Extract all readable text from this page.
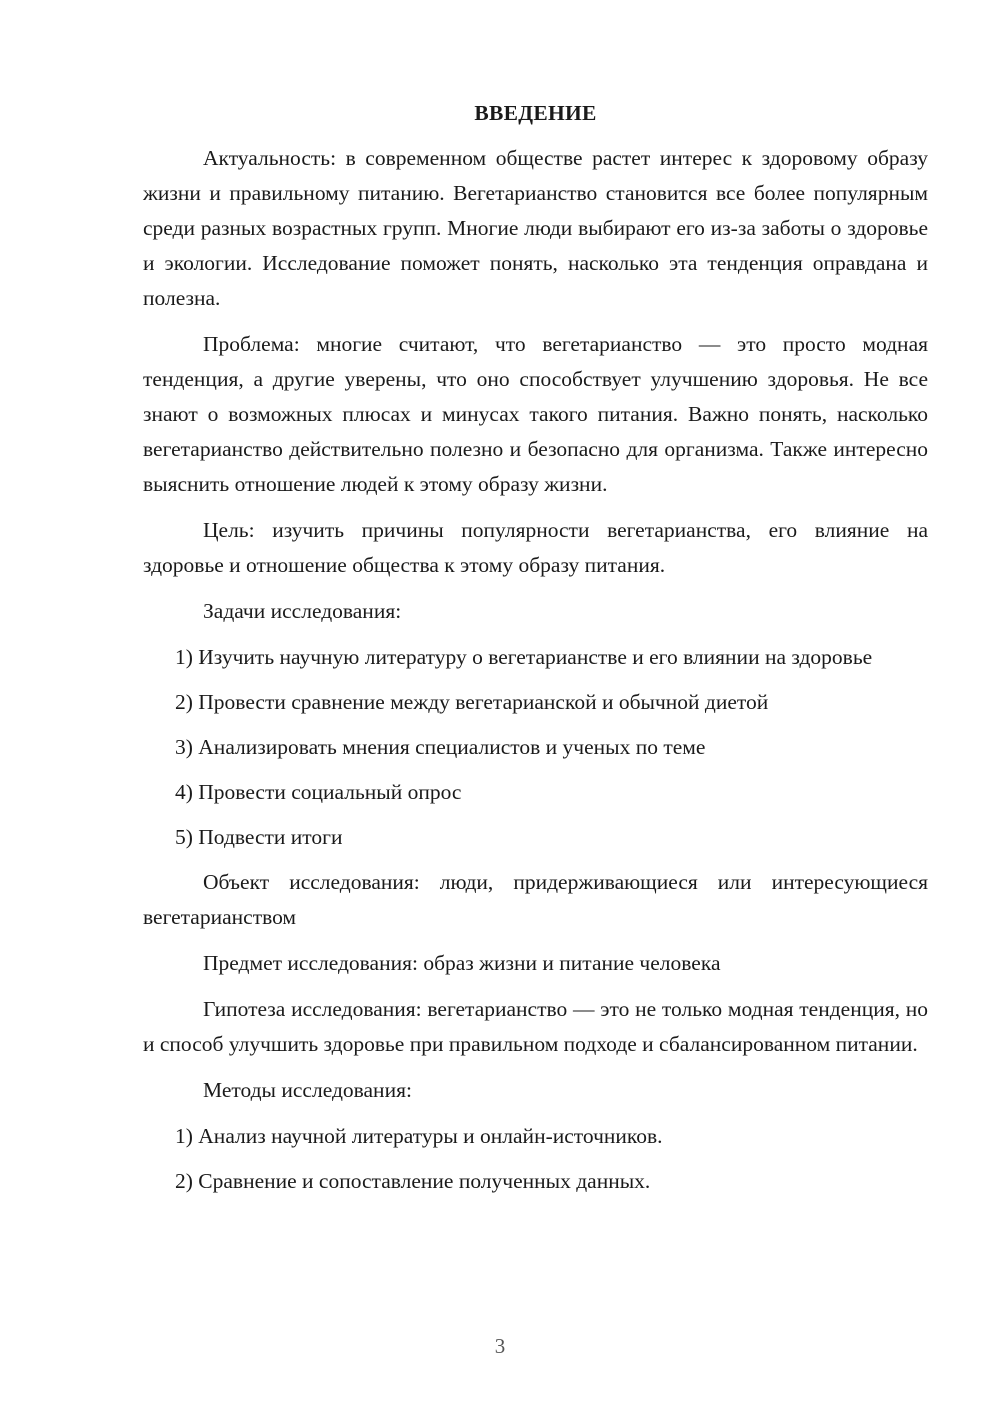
ВВЕДЕНИЕ
Актуальность: в современном обществе растет интерес к здоровому образу жизни и правильному питанию. Вегетарианство становится все более популярным среди разных возрастных групп. Многие люди выбирают его из-за заботы о здоровье и экологии. Исследование поможет понять, насколько эта тенденция оправдана и полезна.
Проблема: многие считают, что вегетарианство — это просто модная тенденция, а другие уверены, что оно способствует улучшению здоровья. Не все знают о возможных плюсах и минусах такого питания. Важно понять, насколько вегетарианство действительно полезно и безопасно для организма. Также интересно выяснить отношение людей к этому образу жизни.
Цель: изучить причины популярности вегетарианства, его влияние на здоровье и отношение общества к этому образу питания.
Задачи исследования:
1) Изучить научную литературу о вегетарианстве и его влиянии на здоровье
2) Провести сравнение между вегетарианской и обычной диетой
3) Анализировать мнения специалистов и ученых по теме
4) Провести социальный опрос
5) Подвести итоги
Объект исследования: люди, придерживающиеся или интересующиеся вегетарианством
Предмет исследования: образ жизни и питание человека
Гипотеза исследования: вегетарианство — это не только модная тенденция, но и способ улучшить здоровье при правильном подходе и сбалансированном питании.
Методы исследования:
1) Анализ научной литературы и онлайн-источников.
2) Сравнение и сопоставление полученных данных.
3
